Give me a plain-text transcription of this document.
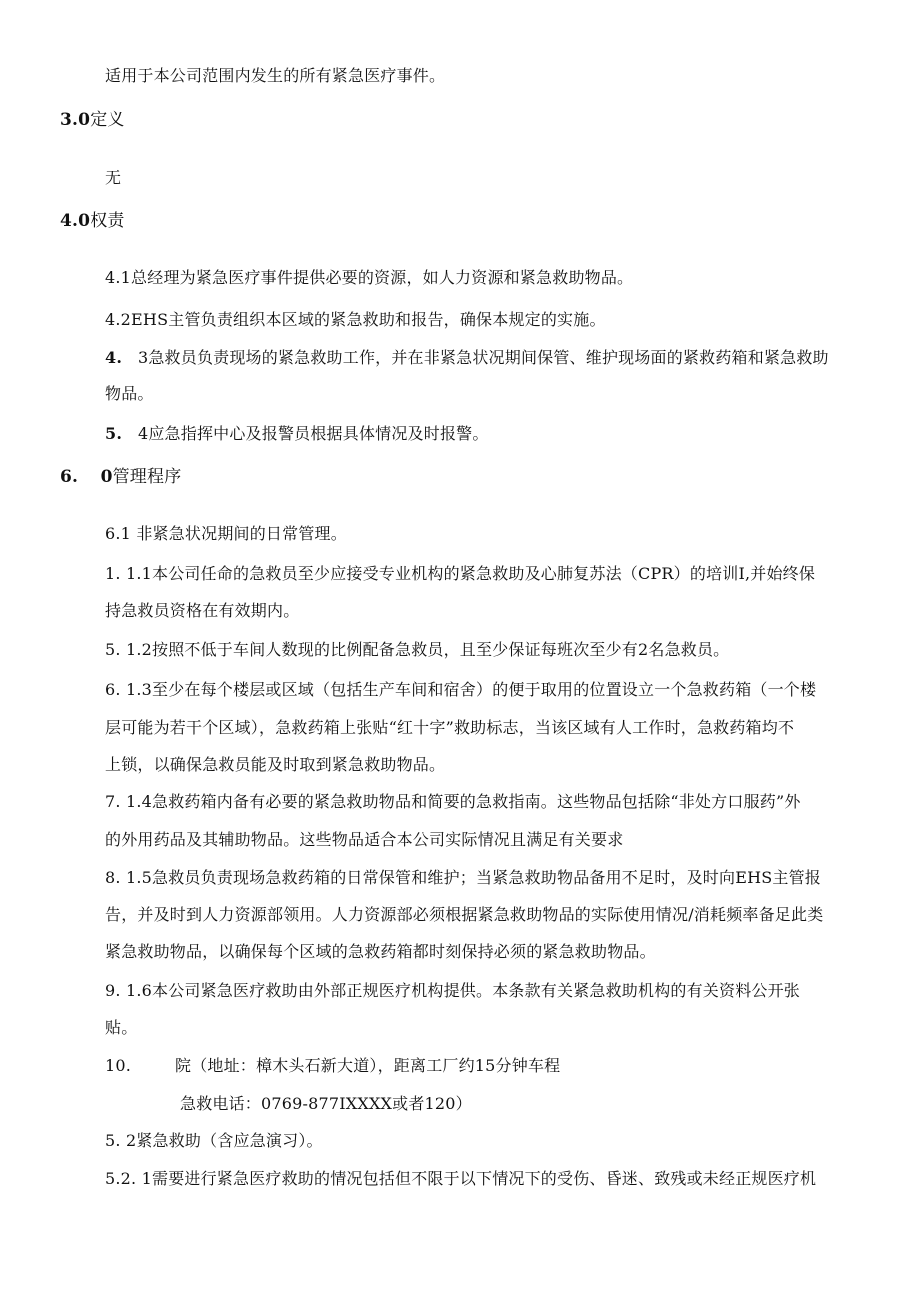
适用于本公司范围内发生的所有紧急医疗事件。
3.0定义
无
4.0权责
4.1总经理为紧急医疗事件提供必要的资源，如人力资源和紧急救助物品。
4.2EHS主管负责组织本区域的紧急救助和报告，确保本规定的实施。
4. 3急救员负责现场的紧急救助工作，并在非紧急状况期间保管、维护现场面的紧救药箱和紧急救助
物品。
5. 4应急指挥中心及报警员根据具体情况及时报警。
6. 0管理程序
6.1 非紧急状况期间的日常管理。
1. 1.1本公司任命的急救员至少应接受专业机构的紧急救助及心肺复苏法（CPR）的培训I,并始终保
持急救员资格在有效期内。
5. 1.2按照不低于车间人数现的比例配备急救员，且至少保证每班次至少有2名急救员。
6. 1.3至少在每个楼层或区域（包括生产车间和宿舍）的便于取用的位置设立一个急救药箱（一个楼
层可能为若干个区域），急救药箱上张贴“红十字”救助标志，当该区域有人工作时，急救药箱均不
上锁，以确保急救员能及时取到紧急救助物品。
7. 1.4急救药箱内备有必要的紧急救助物品和简要的急救指南。这些物品包括除“非处方口服药”外
的外用药品及其辅助物品。这些物品适合本公司实际情况且满足有关要求
8. 1.5急救员负责现场急救药箱的日常保管和维护；当紧急救助物品备用不足时，及时向EHS主管报
告，并及时到人力资源部领用。人力资源部必须根据紧急救助物品的实际使用情况/消耗频率备足此类
紧急救助物品，以确保每个区域的急救药箱都时刻保持必须的紧急救助物品。
9. 1.6本公司紧急医疗救助由外部正规医疗机构提供。本条款有关紧急救助机构的有关资料公开张
贴。
10.	院（地址：樟木头石新大道），距离工厂约15分钟车程
急救电话：0769-877IXXXX或者120）
5. 2紧急救助（含应急演习）。
5.2. 1需要进行紧急医疗救助的情况包括但不限于以下情况下的受伤、昏迷、致残或未经正规医疗机
